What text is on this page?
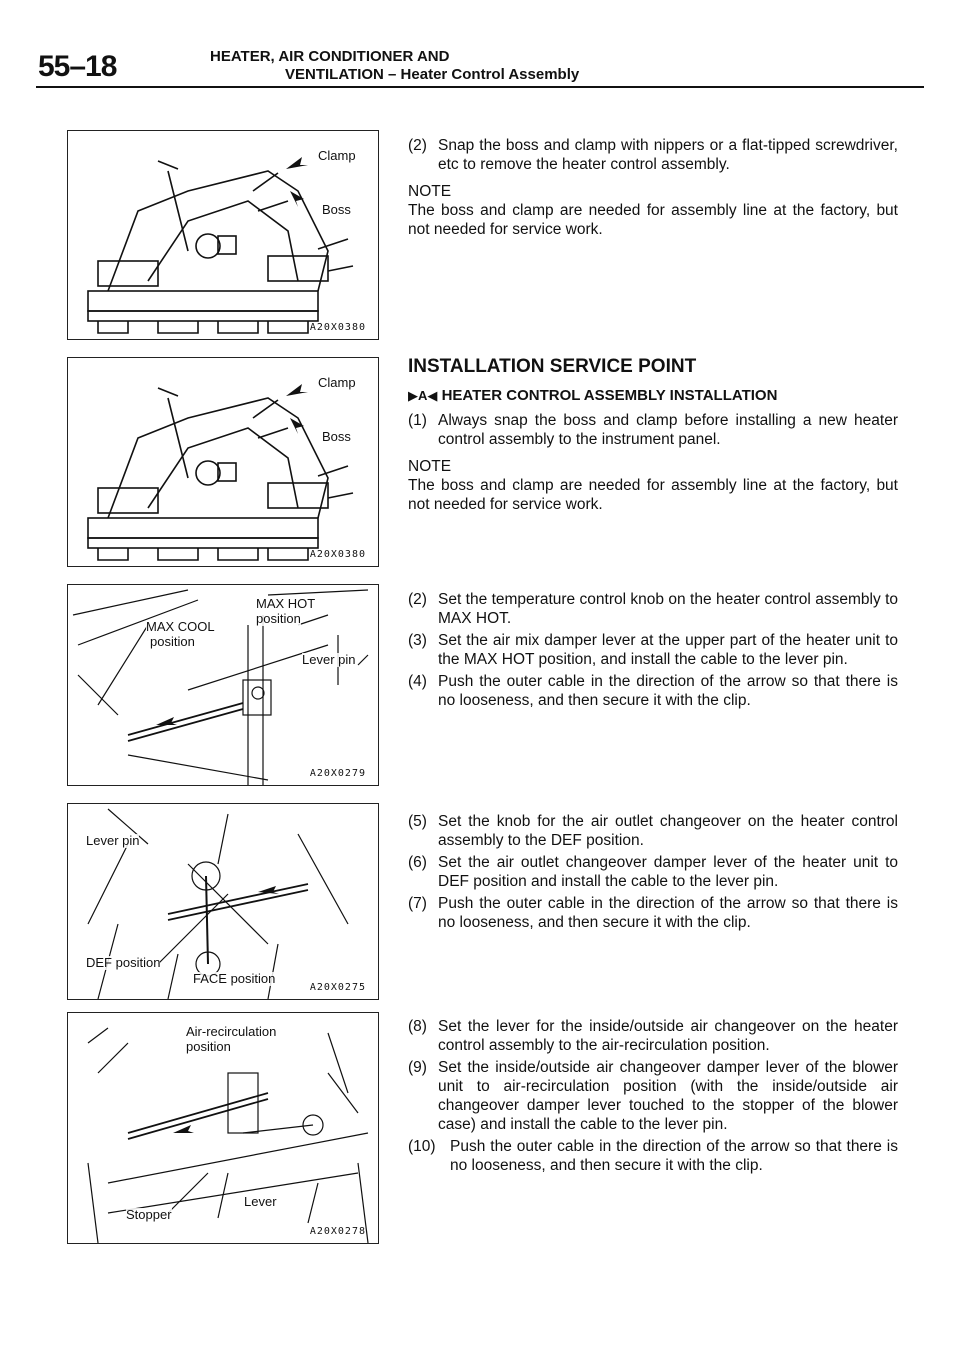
55–18	HEATER, AIR CONDITIONER AND
VENTILATION – Heater Control Assembly
Clamp
Boss
A20X0380
Clamp
Boss
A20X0380
MAX HOT
position
MAX COOL
position
Lever pin
A20X0279
Lever pin
DEF position
FACE position
A20X0275
Air-recirculation
position
Stopper
Lever
A20X0278

(2) Snap the boss and clamp with nippers or a flat-tipped screwdriver, etc to remove the heater control assembly.

NOTE

The boss and clamp are needed for assembly line at the factory, but not needed for service work.

INSTALLATION SERVICE POINT

▶A◀ HEATER CONTROL ASSEMBLY INSTALLATION

(1) Always snap the boss and clamp before installing a new heater control assembly to the instrument panel.

NOTE

The boss and clamp are needed for assembly line at the factory, but not needed for service work.

(2) Set the temperature control knob on the heater control assembly to MAX HOT.

(3) Set the air mix damper lever at the upper part of the heater unit to the MAX HOT position, and install the cable to the lever pin.

(4) Push the outer cable in the direction of the arrow so that there is no looseness, and then secure it with the clip.

(5) Set the knob for the air outlet changeover on the heater control assembly to the DEF position.

(6) Set the air outlet changeover damper lever of the heater unit to DEF position and install the cable to the lever pin.

(7) Push the outer cable in the direction of the arrow so that there is no looseness, and then secure it with the clip.

(8) Set the lever for the inside/outside air changeover on the heater control assembly to the air-recirculation position.

(9) Set the inside/outside air changeover damper lever of the blower unit to air-recirculation position (with the inside/outside air changeover damper lever touched to the stopper of the blower case) and install the cable to the lever pin.

(10) Push the outer cable in the direction of the arrow so that there is no looseness, and then secure it with the clip.
